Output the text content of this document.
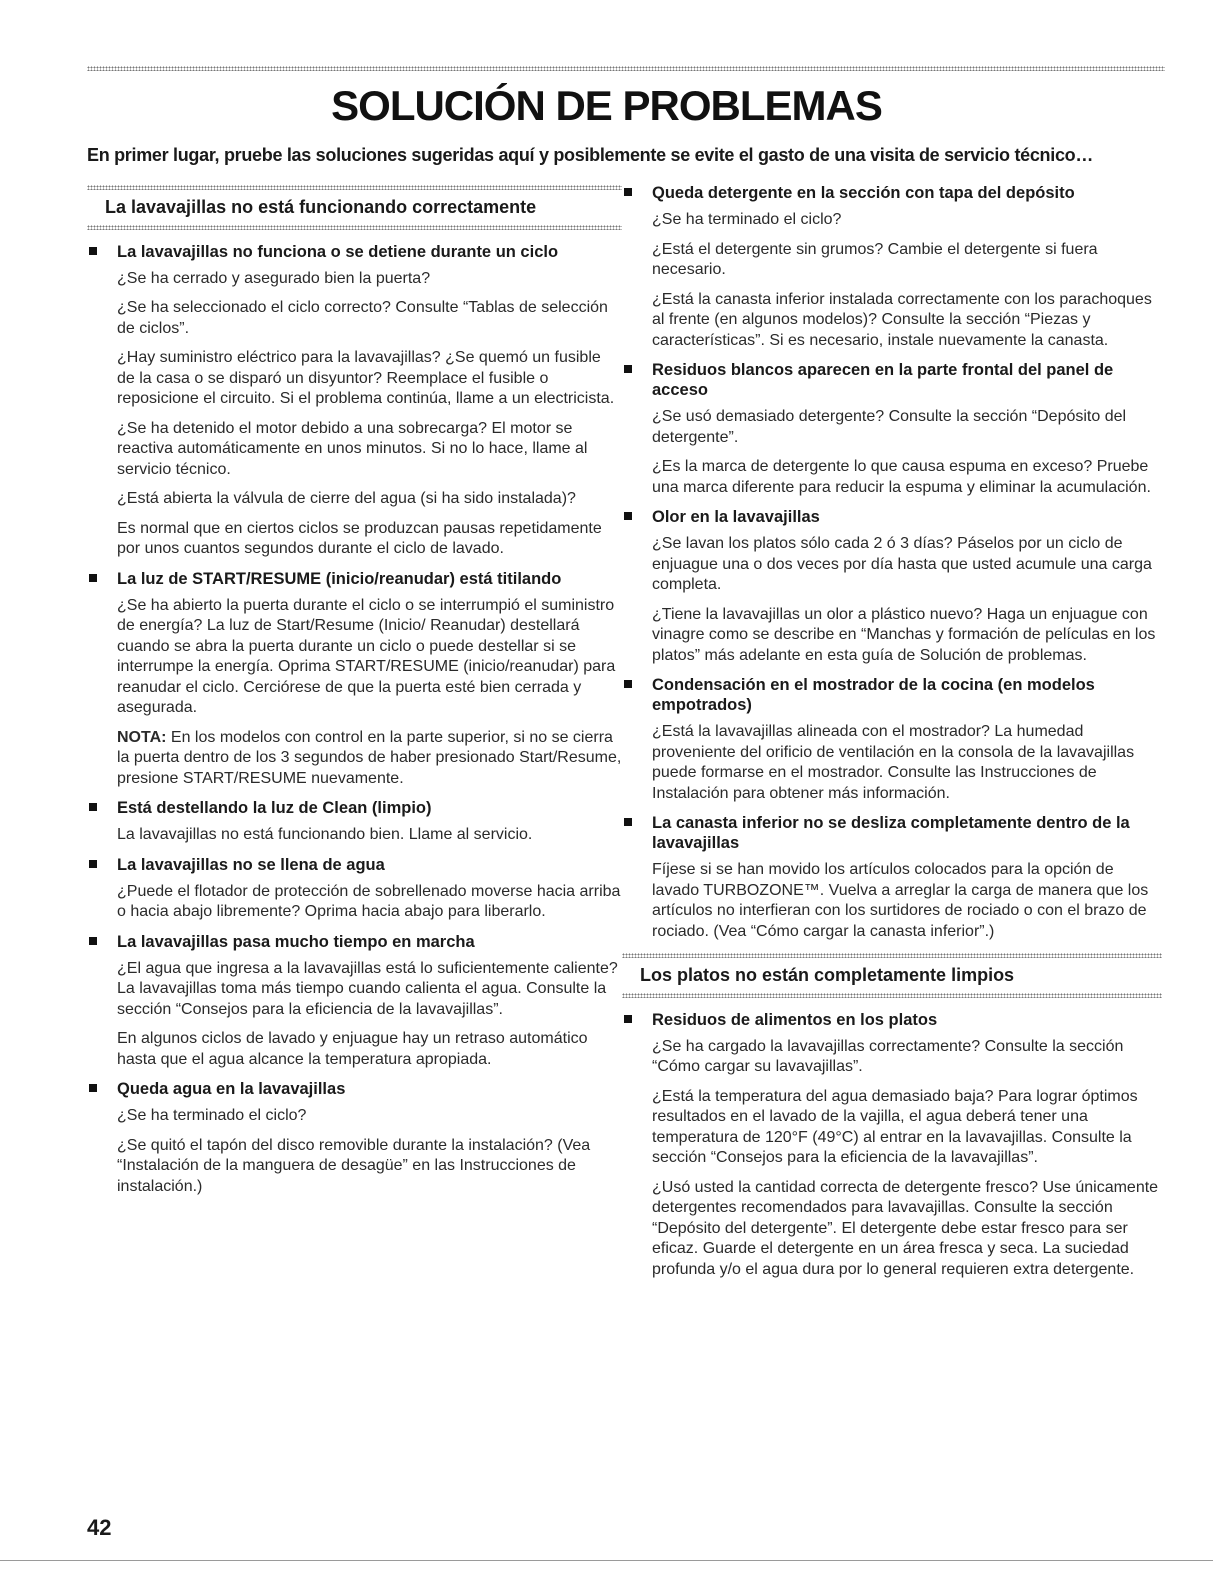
SOLUCIÓN DE PROBLEMAS

En primer lugar, pruebe las soluciones sugeridas aquí y posiblemente se evite el gasto de una visita de servicio técnico…

La lavavajillas no está funcionando correctamente

La lavavajillas no funciona o se detiene durante un ciclo

¿Se ha cerrado y asegurado bien la puerta?

¿Se ha seleccionado el ciclo correcto? Consulte “Tablas de selección de ciclos”.

¿Hay suministro eléctrico para la lavavajillas? ¿Se quemó un fusible de la casa o se disparó un disyuntor? Reemplace el fusible o reposicione el circuito. Si el problema continúa, llame a un electricista.

¿Se ha detenido el motor debido a una sobrecarga? El motor se reactiva automáticamente en unos minutos. Si no lo hace, llame al servicio técnico.

¿Está abierta la válvula de cierre del agua (si ha sido instalada)?

Es normal que en ciertos ciclos se produzcan pausas repetidamente por unos cuantos segundos durante el ciclo de lavado.

La luz de START/RESUME (inicio/reanudar) está titilando

¿Se ha abierto la puerta durante el ciclo o se interrumpió el suministro de energía? La luz de Start/Resume (Inicio/ Reanudar) destellará cuando se abra la puerta durante un ciclo o puede destellar si se interrumpe la energía. Oprima START/RESUME (inicio/reanudar) para reanudar el ciclo. Cerciórese de que la puerta esté bien cerrada y asegurada.

NOTA: En los modelos con control en la parte superior, si no se cierra la puerta dentro de los 3 segundos de haber presionado Start/Resume, presione START/RESUME nuevamente.

Está destellando la luz de Clean (limpio)

La lavavajillas no está funcionando bien. Llame al servicio.

La lavavajillas no se llena de agua

¿Puede el flotador de protección de sobrellenado moverse hacia arriba o hacia abajo libremente? Oprima hacia abajo para liberarlo.

La lavavajillas pasa mucho tiempo en marcha

¿El agua que ingresa a la lavavajillas está lo suficientemente caliente? La lavavajillas toma más tiempo cuando calienta el agua. Consulte la sección “Consejos para la eficiencia de la lavavajillas”.

En algunos ciclos de lavado y enjuague hay un retraso automático hasta que el agua alcance la temperatura apropiada.

Queda agua en la lavavajillas

¿Se ha terminado el ciclo?

¿Se quitó el tapón del disco removible durante la instalación? (Vea “Instalación de la manguera de desagüe” en las Instrucciones de instalación.)

Queda detergente en la sección con tapa del depósito

¿Se ha terminado el ciclo?

¿Está el detergente sin grumos? Cambie el detergente si fuera necesario.

¿Está la canasta inferior instalada correctamente con los parachoques al frente (en algunos modelos)? Consulte la sección “Piezas y características”. Si es necesario, instale nuevamente la canasta.

Residuos blancos aparecen en la parte frontal del panel de acceso

¿Se usó demasiado detergente? Consulte la sección “Depósito del detergente”.

¿Es la marca de detergente lo que causa espuma en exceso? Pruebe una marca diferente para reducir la espuma y eliminar la acumulación.

Olor en la lavavajillas

¿Se lavan los platos sólo cada 2 ó 3 días? Páselos por un ciclo de enjuague una o dos veces por día hasta que usted acumule una carga completa.

¿Tiene la lavavajillas un olor a plástico nuevo? Haga un enjuague con vinagre como se describe en “Manchas y formación de películas en los platos” más adelante en esta guía de Solución de problemas.

Condensación en el mostrador de la cocina (en modelos empotrados)

¿Está la lavavajillas alineada con el mostrador? La humedad proveniente del orificio de ventilación en la consola de la lavavajillas puede formarse en el mostrador. Consulte las Instrucciones de Instalación para obtener más información.

La canasta inferior no se desliza completamente dentro de la lavavajillas

Fíjese si se han movido los artículos colocados para la opción de lavado TURBOZONE™. Vuelva a arreglar la carga de manera que los artículos no interfieran con los surtidores de rociado o con el brazo de rociado. (Vea “Cómo cargar la canasta inferior”.)

Los platos no están completamente limpios

Residuos de alimentos en los platos

¿Se ha cargado la lavavajillas correctamente? Consulte la sección “Cómo cargar su lavavajillas”.

¿Está la temperatura del agua demasiado baja? Para lograr óptimos resultados en el lavado de la vajilla, el agua deberá tener una temperatura de 120°F (49°C) al entrar en la lavavajillas. Consulte la sección “Consejos para la eficiencia de la lavavajillas”.

¿Usó usted la cantidad correcta de detergente fresco? Use únicamente detergentes recomendados para lavavajillas. Consulte la sección “Depósito del detergente”. El detergente debe estar fresco para ser eficaz. Guarde el detergente en un área fresca y seca. La suciedad profunda y/o el agua dura por lo general requieren extra detergente.

42
